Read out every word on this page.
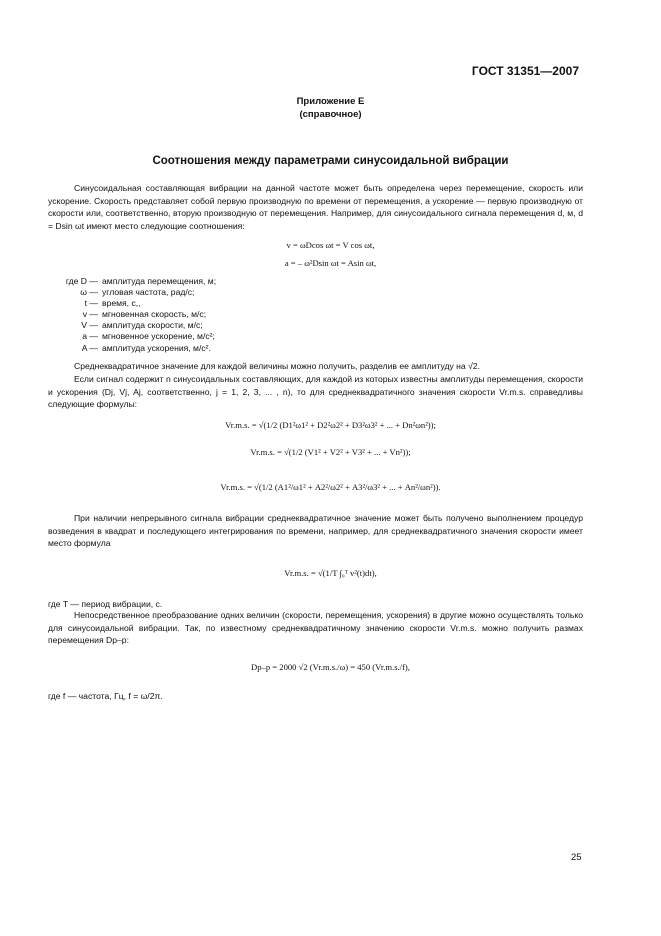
ГОСТ 31351—2007
Приложение Е
(справочное)
Соотношения между параметрами синусоидальной вибрации

Синусоидальная составляющая вибрации на данной частоте может быть определена через перемещение, скорость или ускорение. Скорость представляет собой первую производную по времени от перемещения, а ускорение — первую производную от скорости или, соответственно, вторую производную от перемещения. Например, для синусоидального сигнала перемещения d, м, d = Dsin ωt имеют место следующие соотношения:

v = ωDcos ωt = V cos ωt,
a = – ω²Dsin ωt = Asin ωt,
где D — амплитуда перемещения, м;
ω — угловая частота, рад/с;
t — время, с,,
v — мгновенная скорость, м/с;
V — амплитуда скорости, м/с;
a — мгновенное ускорение, м/с²;
A — амплитуда ускорения, м/с².

Среднеквадратичное значение для каждой величины можно получить, разделив ее амплитуду на √2.

Если сигнал содержит n синусоидальных составляющих, для каждой из которых известны амплитуды перемещения, скорости и ускорения (Dj, Vj, Aj, соответственно, j = 1, 2, 3, ... , n), то для среднеквадратичного значения скорости Vr.m.s. справедливы следующие формулы:

Vr.m.s. = √(1/2 (D1²ω1² + D2²ω2² + D3²ω3² + ... + Dn²ωn²));
Vr.m.s. = √(1/2 (V1² + V2² + V3² + ... + Vn²));
Vr.m.s. = √(1/2 (A1²/ω1² + A2²/ω2² + A3²/ω3² + ... + An²/ωn²)).

При наличии непрерывного сигнала вибрации среднеквадратичное значение может быть получено выполнением процедур возведения в квадрат и последующего интегрирования по времени, например, для среднеквадратичного значения скорости имеет место формула

Vr.m.s. = √(1/T ∫₀ᵀ v²(t)dt),

где T — период вибрации, с.

Непосредственное преобразование одних величин (скорости, перемещения, ускорения) в другие можно осуществлять только для синусоидальной вибрации. Так, по известному среднеквадратичному значению скорости Vr.m.s. можно получить размах перемещения Dp–p:

Dp–p = 2000 √2 (Vr.m.s./ω) = 450 (Vr.m.s./f),

где f — частота, Гц, f = ω/2π.

25
